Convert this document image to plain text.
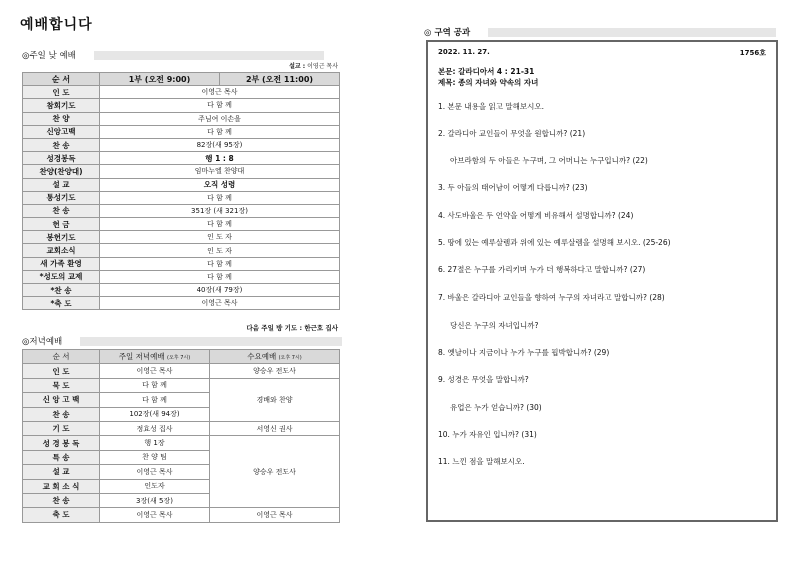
예배합니다
◎주일 낮 예배
설교 : 이영근 목사
순 서	1부 (오전 9:00)	2부 (오전 11:00)
인 도	이영근 목사	
참회기도	다 함 께	
찬 양	주님여 이손을	
신앙고백	다 함 께	
찬 송	82장(새 95장)	
성경봉독	행 1 : 8	
찬양(찬양대)	임마누엘 찬양대	
설 교	오직 성령	
통성기도	다 함 께	
찬 송	351장 (새 321장)	
헌 금	다 함 께	
봉헌기도	인 도 자	
교회소식	인 도 자	
새 가족 환영	다 함 께	
*성도의 교제	다 함 께	
*찬 송	40장(새 79장)	
*축 도	이영근 목사	
다음 주일 방 기도 : 한근호 집사
◎저녁예배
순 서	주일 저녁예배 (오후 7시)	수요예배 (오후 7시)
인 도	이영근 목사	양승우 전도사
묵 도	다 함 께	경배와 찬양
신 앙 고 백	다 함 께	
찬 송	102장(새 94장)	
기 도	정효성 집사	서영신 권사
성 경 봉 독	행 1장	양승우 전도사
특 송	찬 양 팀	
설 교	이영근 목사	
교 회 소 식	인도자	
찬 송	3장(새 5장)	
축 도	이영근 목사	이영근 목사
◎ 구역 공과
2022. 11. 27.	1756호
본문: 갈라디아서 4 : 21-31
제목: 종의 자녀와 약속의 자녀
1. 본문 내용을 읽고 말해보시오.
2. 갈라디아 교인들이 무엇을 원합니까? (21)
아브라함의 두 아들은 누구며, 그 어머니는 누구입니까? (22)
3. 두 아들의 태어남이 어떻게 다릅니까? (23)
4. 사도바울은 두 언약을 어떻게 비유해서 설명합니까? (24)
5. 땅에 있는 예루살렘과 위에 있는 예루살렘을 설명해 보시오. (25-26)
6. 27절은 누구를 가리키며 누가 더 행복하다고 말합니까? (27)
7. 바울은 갈라디아 교인들을 향하여 누구의 자녀라고 말합니까? (28)
당신은 누구의 자녀입니까?
8. 옛날이나 지금이나 누가 누구를 핍박합니까? (29)
9. 성경은 무엇을 말합니까?
유업은 누가 얻습니까? (30)
10. 누가 자유인 입니까? (31)
11. 느낀 점을 말해보시오.
